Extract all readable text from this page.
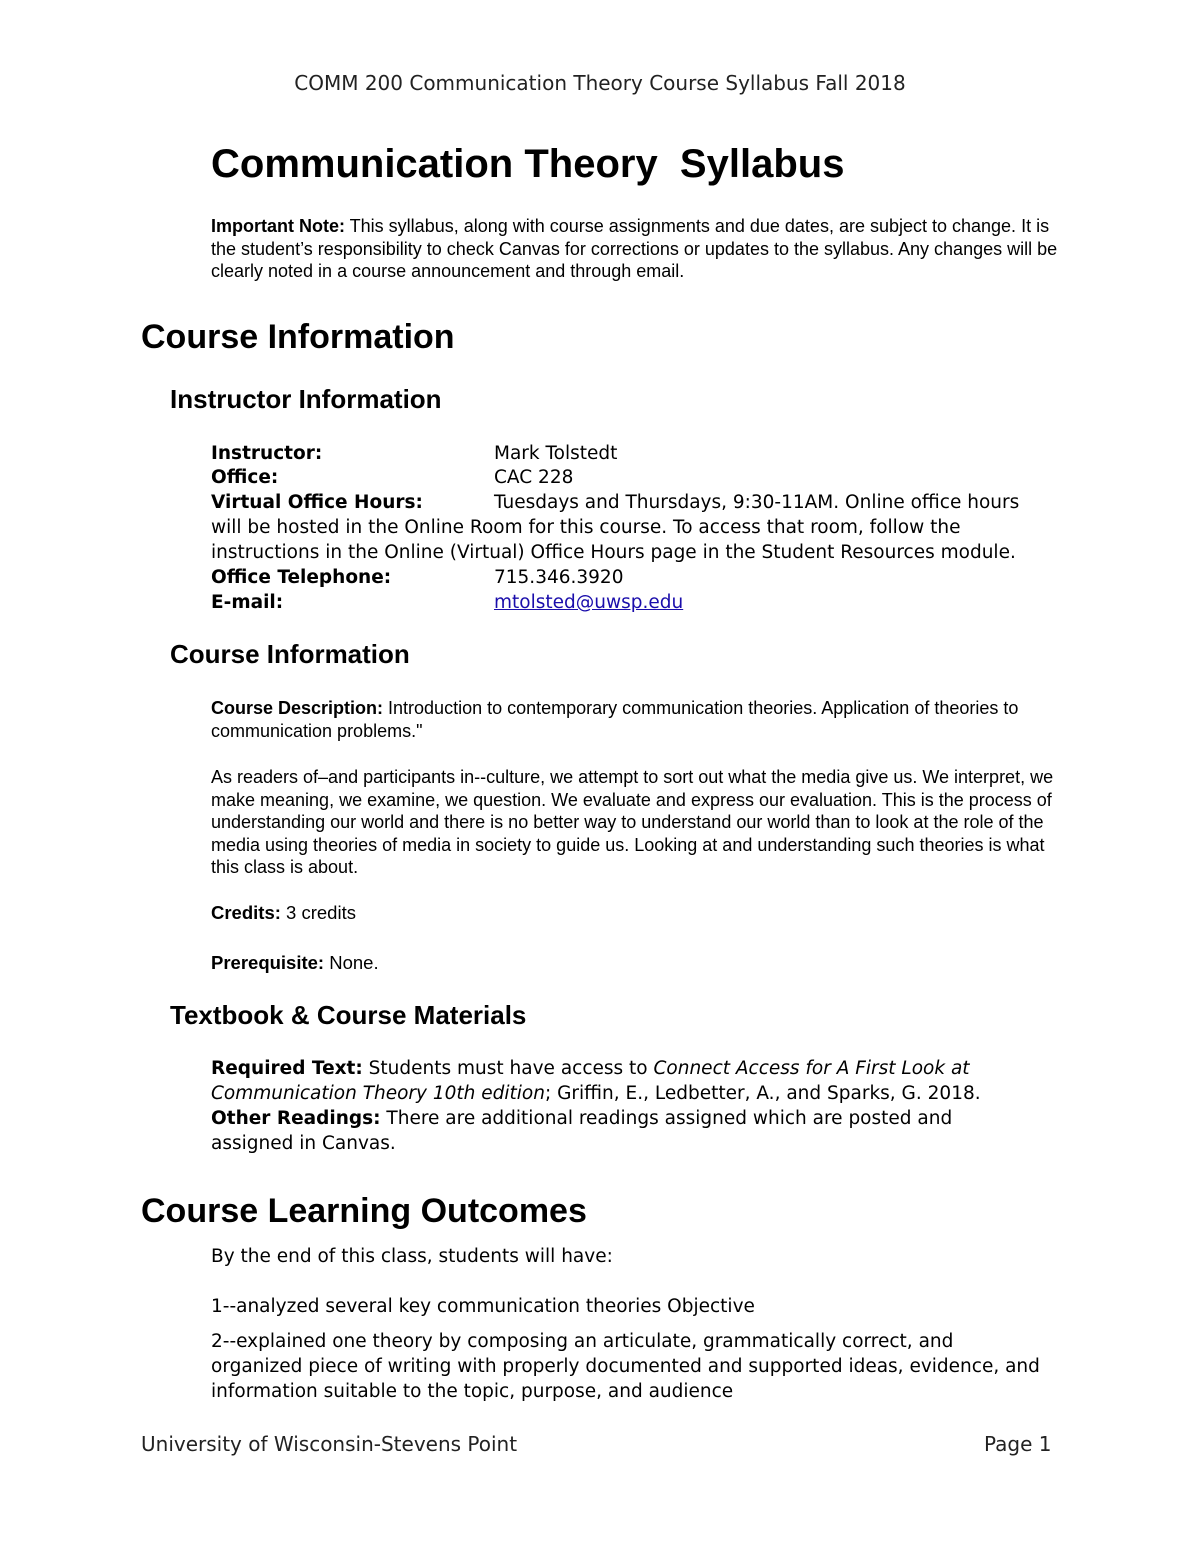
COMM 200 Communication Theory Course Syllabus Fall 2018
Communication Theory  Syllabus

Important Note: This syllabus, along with course assignments and due dates, are subject to change. It is the student’s responsibility to check Canvas for corrections or updates to the syllabus. Any changes will be clearly noted in a course announcement and through email.

Course Information
Instructor Information
Instructor:	Mark Tolstedt
Office:	CAC 228
Virtual Office Hours:	Tuesdays and Thursdays, 9:30-11AM. Online office hours
will be hosted in the Online Room for this course. To access that room, follow the
instructions in the Online (Virtual) Office Hours page in the Student Resources module.
Office Telephone:	715.346.3920
E-mail:	mtolsted@uwsp.edu
Course Information

Course Description: Introduction to contemporary communication theories. Application of theories to communication problems."

As readers of–and participants in--culture, we attempt to sort out what the media give us. We interpret, we make meaning, we examine, we question. We evaluate and express our evaluation. This is the process of understanding our world and there is no better way to understand our world than to look at the role of the media using theories of media in society to guide us. Looking at and understanding such theories is what this class is about.

Credits: 3 credits

Prerequisite: None.

Textbook & Course Materials
Required Text: Students must have access to Connect Access for A First Look at
Communication Theory 10th edition; Griffin, E., Ledbetter, A., and Sparks, G. 2018.
Other Readings: There are additional readings assigned which are posted and
assigned in Canvas.
Course Learning Outcomes
By the end of this class, students will have:
1--analyzed several key communication theories Objective
2--explained one theory by composing an articulate, grammatically correct, and
organized piece of writing with properly documented and supported ideas, evidence, and
information suitable to the topic, purpose, and audience
University of Wisconsin-Stevens Point	Page 1
